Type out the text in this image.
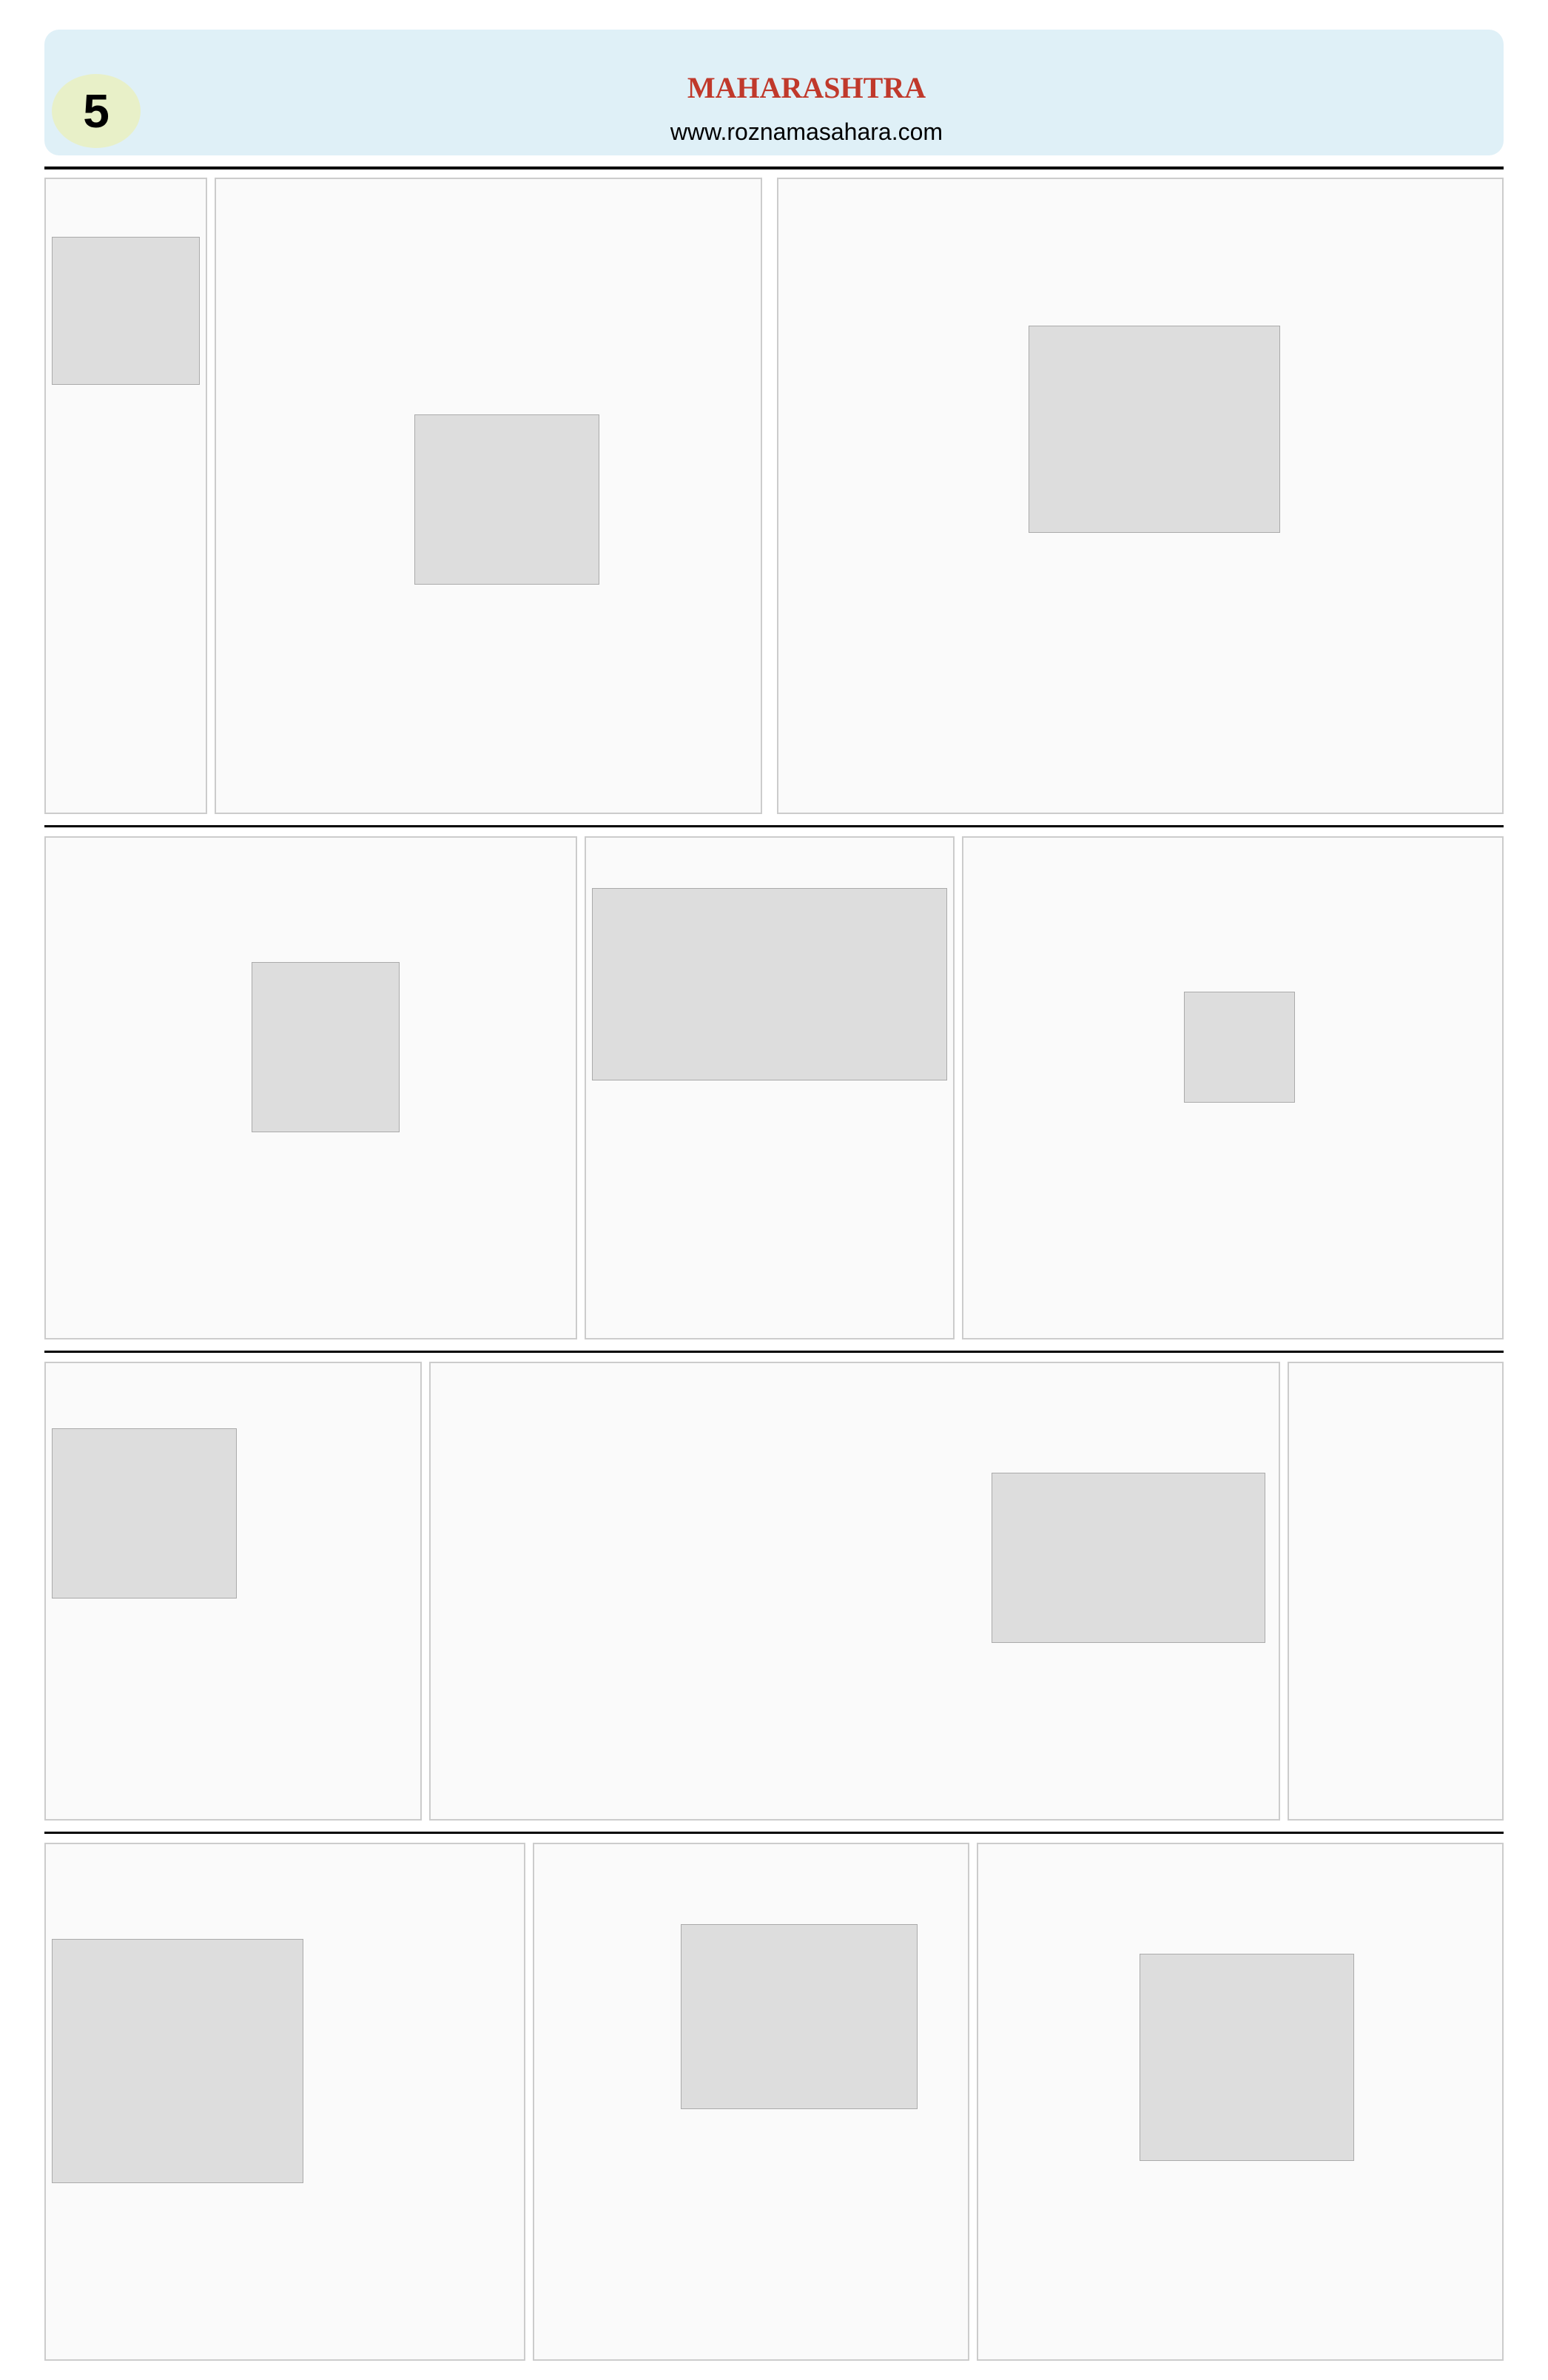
5	MAHARASHTRA
www.roznamasahara.com
